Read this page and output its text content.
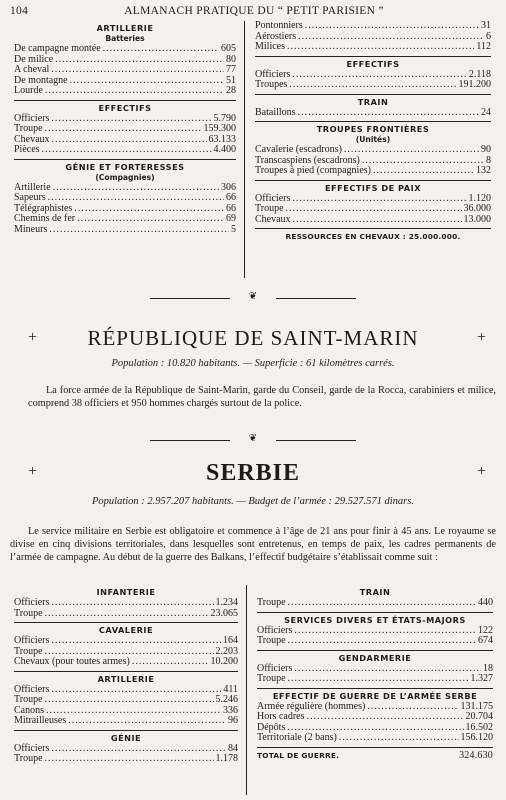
104	ALMANACH PRATIQUE DU “ PETIT PARISIEN ”
ARTILLERIE
Batteries
De campagne montée .....	605
De milice .....	80
A cheval .....	77
De montagne .....	51
Lourde .....	28
EFFECTIFS
Officiers .....	5.790
Troupe .....	159.300
Chevaux .....	63.133
Pièces .....	4.400
GÉNIE ET FORTERESSES
(Compagnies)
Artillerie .....	306
Sapeurs .....	66
Télégraphistes .....	66
Chemins de fer .....	69
Mineurs .....	5
Pontonniers .....	31
Aérostiers .....	6
Milices .....	112
EFFECTIFS
Officiers .....	2.118
Troupes .....	191.200
TRAIN
Bataillons .....	24
TROUPES FRONTIÈRES
(Unités)
Cavalerie (escadrons) .....	90
Transcaspiens (escadrons) .....	8
Troupes à pied (compagnies) .....	132
EFFECTIFS DE PAIX
Officiers .....	1.120
Troupe .....	36.000
Chevaux .....	13.000
RESSOURCES EN CHEVAUX : 25.000.000.
❦
+ RÉPUBLIQUE DE SAINT-MARIN	+
Population : 10.820 habitants. — Superficie : 61 kilomètres carrés.
La force armée de la République de Saint-Marin, garde du Conseil, garde de la Rocca, carabiniers et milice, comprend 38 officiers et 950 hommes chargés surtout de la police.
❦
+	SERBIE	+
Population : 2.957.207 habitants. — Budget de l’armée : 29.527.571 dinars.
Le service militaire en Serbie est obligatoire et commence à l’âge de 21 ans pour finir à 45 ans. Le royaume se divise en cinq divisions territoriales, dans lesquelles sont entretenus, en temps de paix, les cadres permanents de l’armée de campagne. Au début de la guerre des Balkans, l’effectif budgétaire s’établissait comme suit :
INFANTERIE
Officiers .....	1.234
Troupe .....	23.065
CAVALERIE
Officiers .....	164
Troupe .....	2.203
Chevaux (pour toutes armes) .....	10.200
ARTILLERIE
Officiers .....	411
Troupe .....	5.246
Canons .....	336
Mitrailleuses .....	96
GÉNIE
Officiers .....	84
Troupe .....	1.178
TRAIN
Troupe .....	440
SERVICES DIVERS ET ÉTATS-MAJORS
Officiers .....	122
Troupe .....	674
GENDARMERIE
Officiers .....	18
Troupe .....	1.327
EFFECTIF DE GUERRE DE L’ARMÉE SERBE
Armée régulière (hommes) .....	131.175
Hors cadres .....	20.704
Dépôts .....	16.502
Territoriale (2 bans) .....	156.120
TOTAL DE GUERRE.	324.630
